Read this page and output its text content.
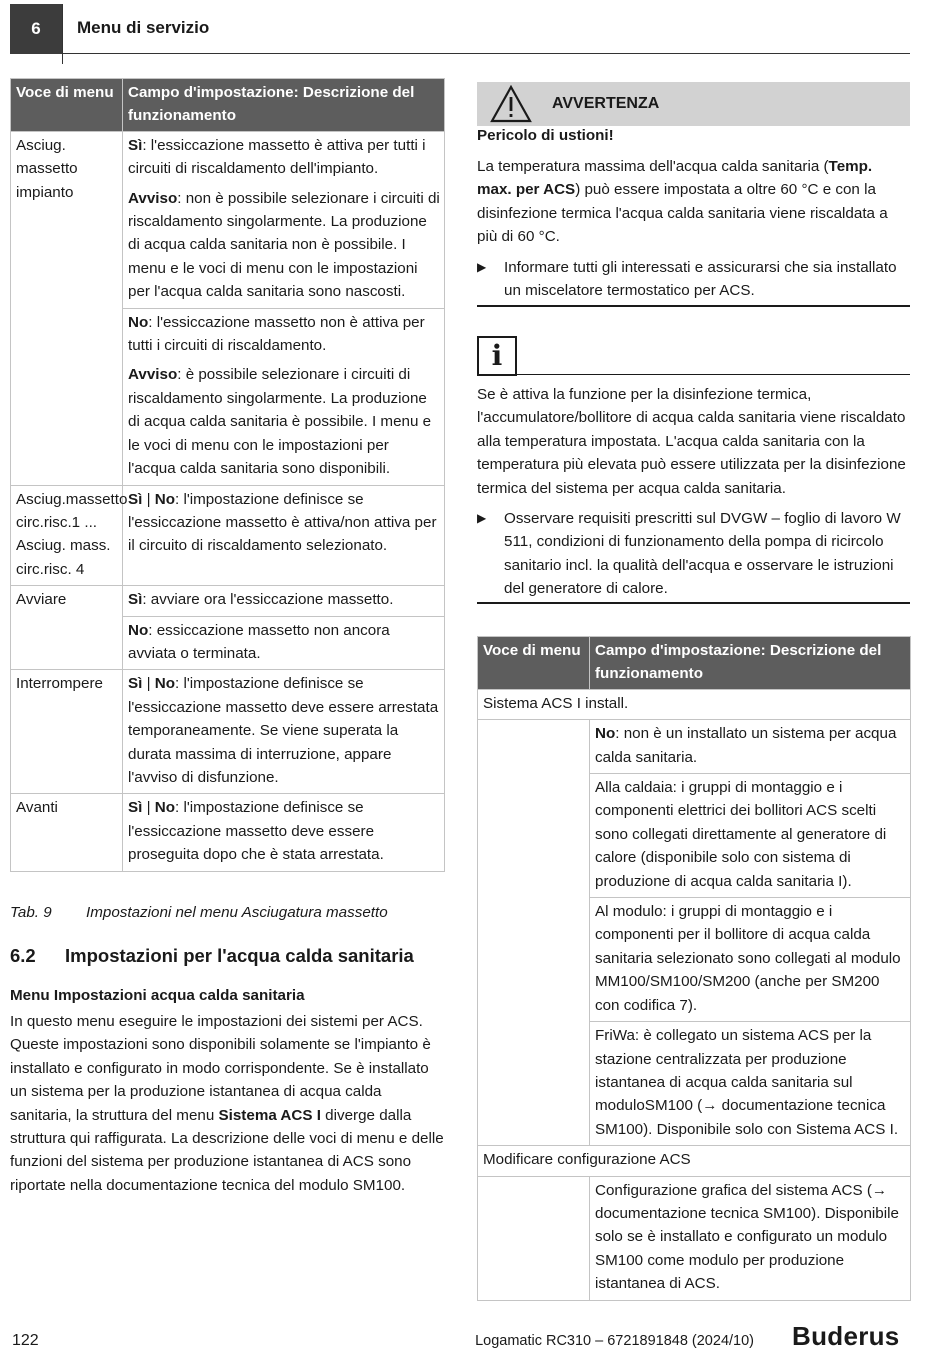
6	Menu di servizio
Voce di menu	Campo d'impostazione: Descrizione del funzionamento
Asciug. massetto impianto	Sì: l'essiccazione massetto è attiva per tutti i circuiti di riscaldamento dell'impianto.

Avviso: non è possibile selezionare i circuiti di riscaldamento singolarmente. La produzione di acqua calda sanitaria non è possibile. I menu e le voci di menu con le impostazioni per l'acqua calda sanitaria sono nascosti.

	No: l'essiccazione massetto non è attiva per tutti i circuiti di riscaldamento.

Avviso: è possibile selezionare i circuiti di riscaldamento singolarmente. La produzione di acqua calda sanitaria è possibile. I menu e le voci di menu con le impostazioni per l'acqua calda sanitaria sono disponibili.

Asciug.massetto circ.risc.1 ... Asciug. mass. circ.risc. 4	Sì | No: l'impostazione definisce se l'essiccazione massetto è attiva/non attiva per il circuito di riscaldamento selezionato.
Avviare	Sì: avviare ora l'essiccazione massetto.
	No: essiccazione massetto non ancora avviata o terminata.
Interrompere	Sì | No: l'impostazione definisce se l'essiccazione massetto deve essere arrestata temporaneamente. Se viene superata la durata massima di interruzione, appare l'avviso di disfunzione.
Avanti	Sì | No: l'impostazione definisce se l'essiccazione massetto deve essere proseguita dopo che è stata arrestata.
Tab. 9 Impostazioni nel menu Asciugatura massetto
6.2 Impostazioni per l'acqua calda sanitaria
Menu Impostazioni acqua calda sanitaria

In questo menu eseguire le impostazioni dei sistemi per ACS. Queste impostazioni sono disponibili solamente se l'impianto è installato e configurato in modo corrispondente. Se è installato un sistema per la produzione istantanea di acqua calda sanitaria, la struttura del menu Sistema ACS I diverge dalla struttura qui raffigurata. La descrizione delle voci di menu e delle funzioni del sistema per produzione istantanea di ACS sono riportate nella documentazione tecnica del modulo SM100.

AVVERTENZA
Pericolo di ustioni!

La temperatura massima dell'acqua calda sanitaria (Temp. max. per ACS) può essere impostata a oltre 60 °C e con la disinfezione termica l'acqua calda sanitaria viene riscaldata a più di 60 °C.

▶	Informare tutti gli interessati e assicurarsi che sia installato un miscelatore termostatico per ACS.
i

Se è attiva la funzione per la disinfezione termica, l'accumulatore/bollitore di acqua calda sanitaria viene riscaldato alla temperatura impostata. L'acqua calda sanitaria con la temperatura più elevata può essere utilizzata per la disinfezione termica del sistema per acqua calda sanitaria.

▶	Osservare requisiti prescritti sul DVGW – foglio di lavoro W 511, condizioni di funzionamento della pompa di ricircolo sanitario incl. la qualità dell'acqua e osservare le istruzioni del generatore di calore.
Voce di menu	Campo d'impostazione: Descrizione del funzionamento
Sistema ACS I install.	
	No: non è un installato un sistema per acqua calda sanitaria.
	Alla caldaia: i gruppi di montaggio e i componenti elettrici dei bollitori ACS scelti sono collegati direttamente al generatore di calore (disponibile solo con sistema di produzione di acqua calda sanitaria I).
	Al modulo: i gruppi di montaggio e i componenti per il bollitore di acqua calda sanitaria selezionato sono collegati al modulo MM100/SM100/SM200 (anche per SM200 con codifica 7).
	FriWa: è collegato un sistema ACS per la stazione centralizzata per produzione istantanea di acqua calda sanitaria sul moduloSM100 (→ documentazione tecnica SM100). Disponibile solo con Sistema ACS I.
Modificare configurazione ACS	
	Configurazione grafica del sistema ACS (→ documentazione tecnica SM100). Disponibile solo se è installato e configurato un modulo SM100 come modulo per produzione istantanea di ACS.
122	Logamatic RC310 – 6721891848 (2024/10) Buderus
